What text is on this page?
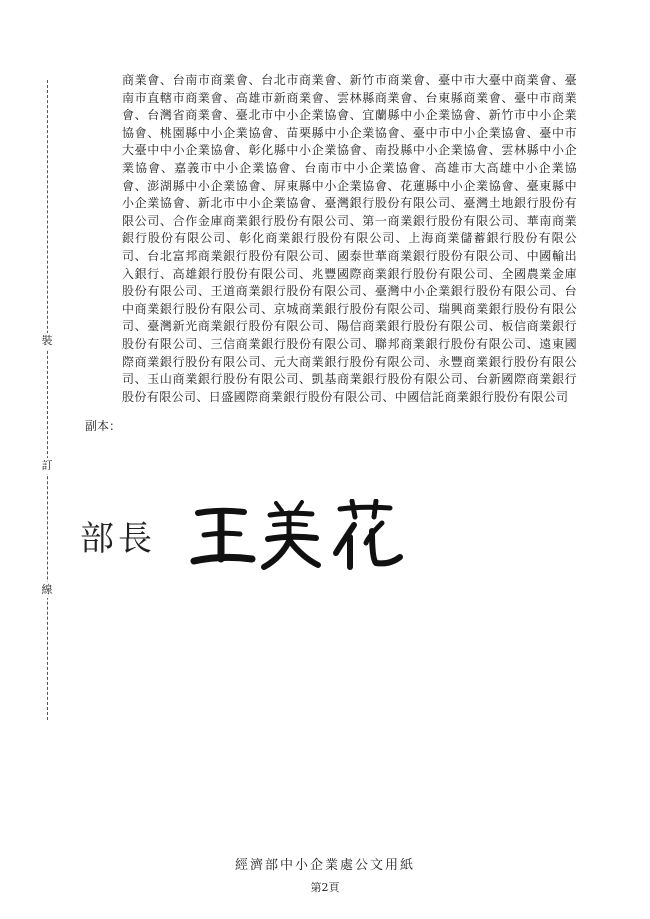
裝
訂
線

商業會、台南市商業會、台北市商業會、新竹市商業會、臺中市大臺中商業會、臺南市直轄市商業會、高雄市新商業會、雲林縣商業會、台東縣商業會、臺中市商業會、台灣省商業會、臺北市中小企業協會、宜蘭縣中小企業協會、新竹市中小企業協會、桃園縣中小企業協會、苗栗縣中小企業協會、臺中市中小企業協會、臺中市大臺中中小企業協會、彰化縣中小企業協會、南投縣中小企業協會、雲林縣中小企業協會、嘉義市中小企業協會、台南市中小企業協會、高雄市大高雄中小企業協會、澎湖縣中小企業協會、屏東縣中小企業協會、花蓮縣中小企業協會、臺東縣中小企業協會、新北市中小企業協會、臺灣銀行股份有限公司、臺灣土地銀行股份有限公司、合作金庫商業銀行股份有限公司、第一商業銀行股份有限公司、華南商業銀行股份有限公司、彰化商業銀行股份有限公司、上海商業儲蓄銀行股份有限公司、台北富邦商業銀行股份有限公司、國泰世華商業銀行股份有限公司、中國輸出入銀行、高雄銀行股份有限公司、兆豐國際商業銀行股份有限公司、全國農業金庫股份有限公司、王道商業銀行股份有限公司、臺灣中小企業銀行股份有限公司、台中商業銀行股份有限公司、京城商業銀行股份有限公司、瑞興商業銀行股份有限公司、臺灣新光商業銀行股份有限公司、陽信商業銀行股份有限公司、板信商業銀行股份有限公司、三信商業銀行股份有限公司、聯邦商業銀行股份有限公司、遠東國際商業銀行股份有限公司、元大商業銀行股份有限公司、永豐商業銀行股份有限公司、玉山商業銀行股份有限公司、凱基商業銀行股份有限公司、台新國際商業銀行股份有限公司、日盛國際商業銀行股份有限公司、中國信託商業銀行股份有限公司

副本：
部長
經濟部中小企業處公文用紙
第2頁
